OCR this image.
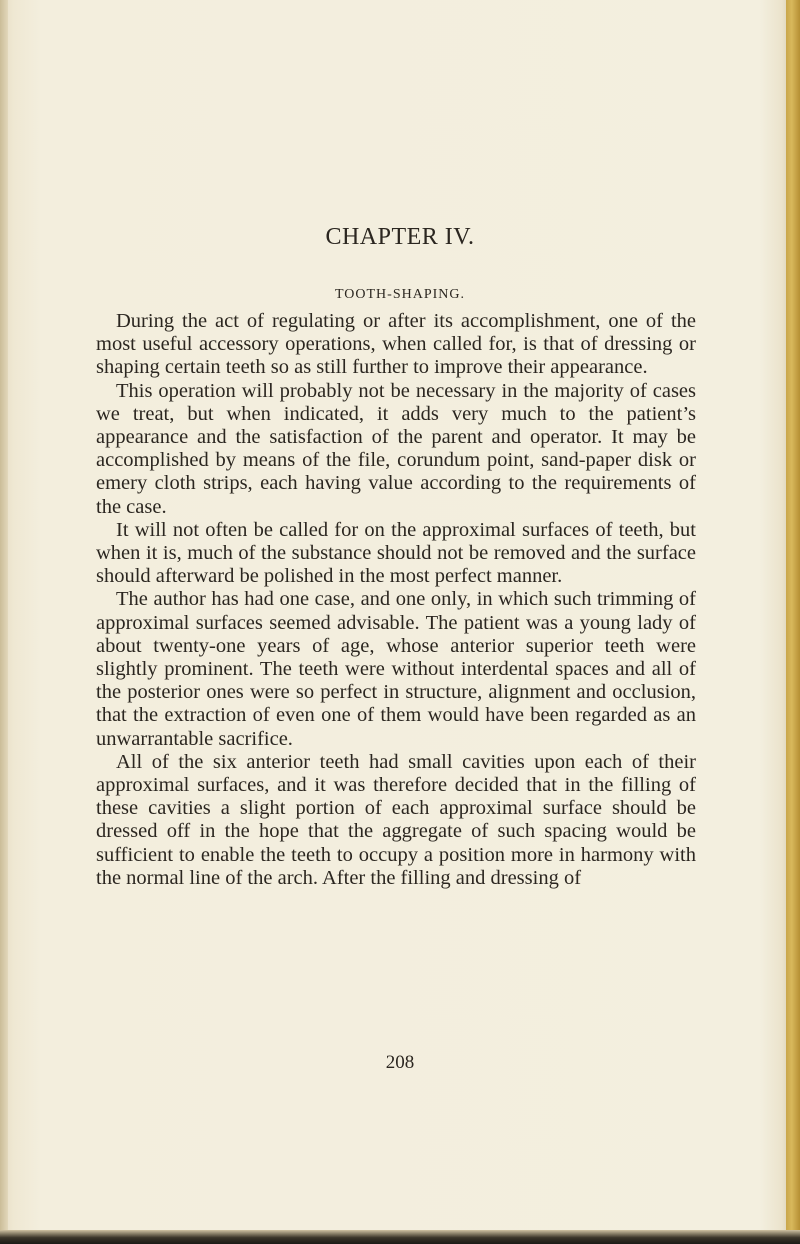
CHAPTER IV.
TOOTH-SHAPING.

During the act of regulating or after its accomplishment, one of the most useful accessory operations, when called for, is that of dressing or shaping certain teeth so as still further to improve their appearance.

This operation will probably not be necessary in the majority of cases we treat, but when indicated, it adds very much to the patient’s appearance and the satisfaction of the parent and operator. It may be accomplished by means of the file, corundum point, sand-paper disk or emery cloth strips, each having value according to the requirements of the case.

It will not often be called for on the approximal surfaces of teeth, but when it is, much of the substance should not be removed and the surface should afterward be polished in the most perfect manner.

The author has had one case, and one only, in which such trimming of approximal surfaces seemed advisable. The patient was a young lady of about twenty-one years of age, whose anterior superior teeth were slightly prominent. The teeth were without interdental spaces and all of the posterior ones were so perfect in structure, alignment and occlusion, that the extraction of even one of them would have been regarded as an unwarrantable sacrifice.

All of the six anterior teeth had small cavities upon each of their approximal surfaces, and it was therefore decided that in the filling of these cavities a slight portion of each approximal surface should be dressed off in the hope that the aggregate of such spacing would be sufficient to enable the teeth to occupy a position more in harmony with the normal line of the arch. After the filling and dressing of

208
